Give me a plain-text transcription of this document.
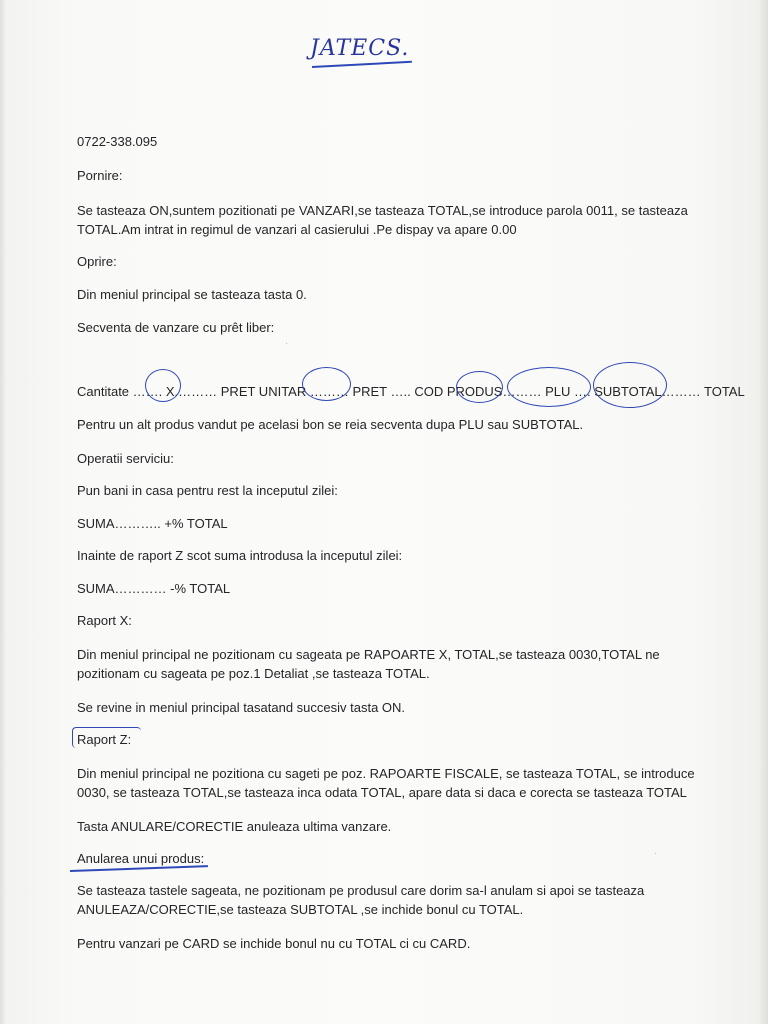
JATECS.
0722-338.095
Pornire:
Se tasteaza ON,suntem pozitionati pe VANZARI,se tasteaza TOTAL,se introduce parola 0011, se tasteaza
TOTAL.Am intrat in regimul de vanzari al casierului .Pe dispay va apare 0.00
Oprire:
Din meniul principal se tasteaza tasta 0.
Secventa de vanzare cu prêt liber:
·
Cantitate ……. X.……… PRET UNITAR ……… PRET ….. COD PRODUS……… PLU …. SUBTOTAL……… TOTAL
Pentru un alt produs vandut pe acelasi bon se reia secventa dupa PLU sau SUBTOTAL.
Operatii serviciu:
Pun bani in casa pentru rest la inceputul zilei:
SUMA……….. +% TOTAL
Inainte de raport Z scot suma introdusa la inceputul zilei:
SUMA………… -% TOTAL
Raport X:
Din meniul principal ne pozitionam cu sageata pe RAPOARTE X, TOTAL,se tasteaza 0030,TOTAL ne
pozitionam cu sageata pe poz.1 Detaliat ,se tasteaza TOTAL.
Se revine in meniul principal tasatand succesiv tasta ON.
Raport Z:
Din meniul principal ne pozitiona cu sageti pe poz. RAPOARTE FISCALE, se tasteaza TOTAL, se introduce
0030, se tasteaza TOTAL,se tasteaza inca odata TOTAL, apare data si daca e corecta se tasteaza TOTAL
Tasta ANULARE/CORECTIE anuleaza ultima vanzare.
Anularea unui produs:
Se tasteaza tastele sageata, ne pozitionam pe produsul care dorim sa-l anulam si apoi se tasteaza
ANULEAZA/CORECTIE,se tasteaza SUBTOTAL ,se inchide bonul cu TOTAL.
Pentru vanzari pe CARD se inchide bonul nu cu TOTAL ci cu CARD.
·
